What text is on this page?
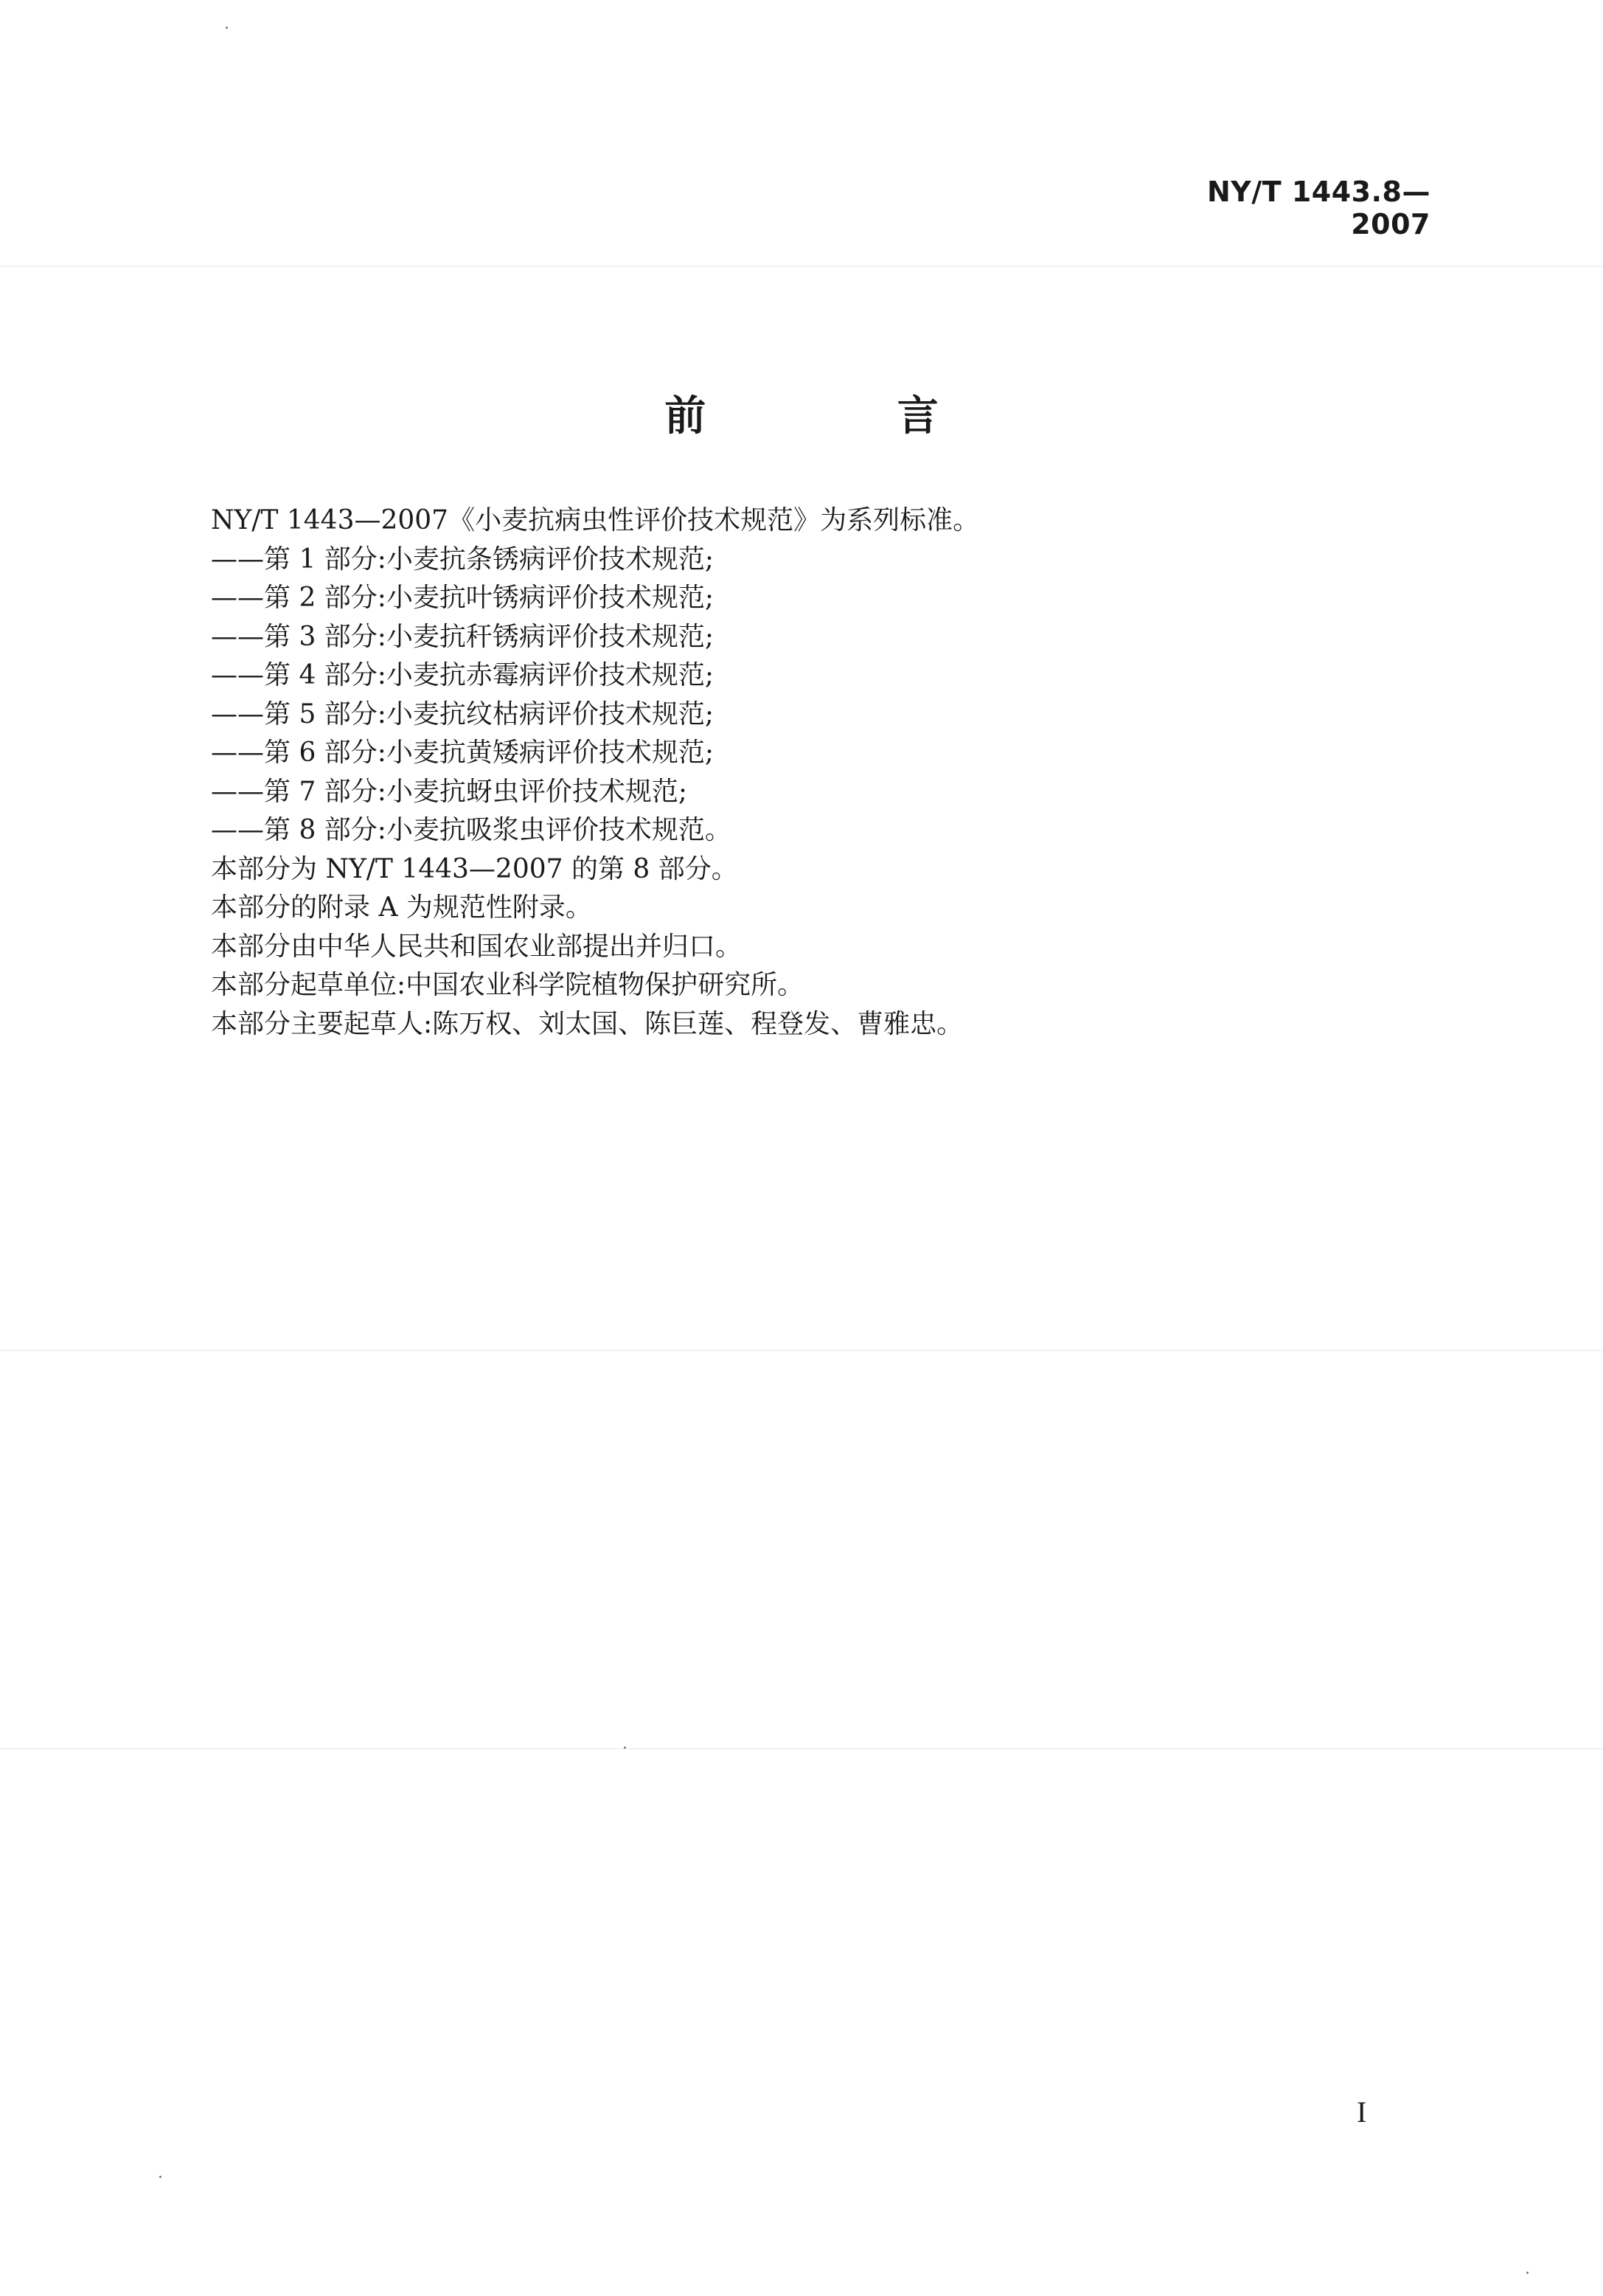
NY/T 1443.8—2007
前 言
NY/T 1443—2007《小麦抗病虫性评价技术规范》为系列标准。
——第 1 部分:小麦抗条锈病评价技术规范;
——第 2 部分:小麦抗叶锈病评价技术规范;
——第 3 部分:小麦抗秆锈病评价技术规范;
——第 4 部分:小麦抗赤霉病评价技术规范;
——第 5 部分:小麦抗纹枯病评价技术规范;
——第 6 部分:小麦抗黄矮病评价技术规范;
——第 7 部分:小麦抗蚜虫评价技术规范;
——第 8 部分:小麦抗吸浆虫评价技术规范。
本部分为 NY/T 1443—2007 的第 8 部分。
本部分的附录 A 为规范性附录。
本部分由中华人民共和国农业部提出并归口。
本部分起草单位:中国农业科学院植物保护研究所。
本部分主要起草人:陈万权、刘太国、陈巨莲、程登发、曹雅忠。
I
